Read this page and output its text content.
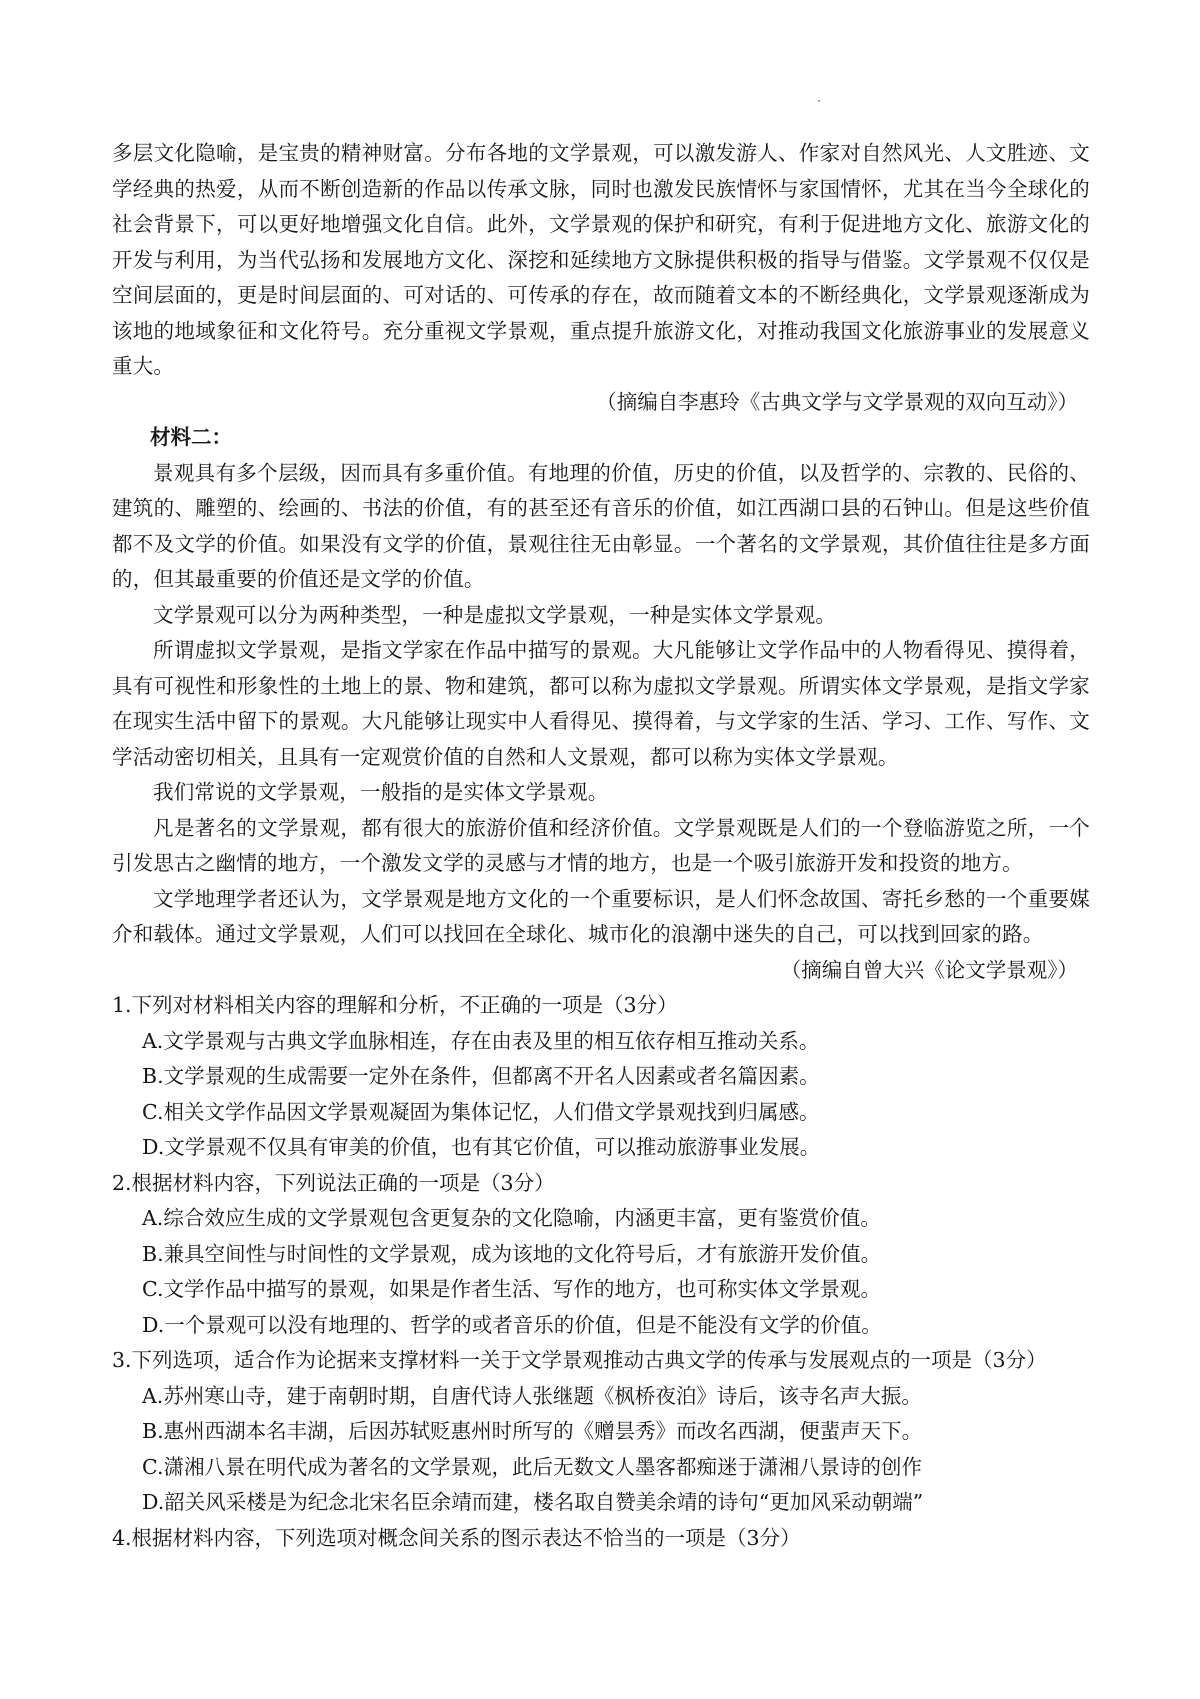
多层文化隐喻，是宝贵的精神财富。分布各地的文学景观，可以激发游人、作家对自然风光、人文胜迹、文学经典的热爱，从而不断创造新的作品以传承文脉，同时也激发民族情怀与家国情怀，尤其在当今全球化的社会背景下，可以更好地增强文化自信。此外，文学景观的保护和研究，有利于促进地方文化、旅游文化的开发与利用，为当代弘扬和发展地方文化、深挖和延续地方文脉提供积极的指导与借鉴。文学景观不仅仅是空间层面的，更是时间层面的、可对话的、可传承的存在，故而随着文本的不断经典化，文学景观逐渐成为该地的地域象征和文化符号。充分重视文学景观，重点提升旅游文化，对推动我国文化旅游事业的发展意义重大。

（摘编自李惠玲《古典文学与文学景观的双向互动》）

材料二：

景观具有多个层级，因而具有多重价值。有地理的价值，历史的价值，以及哲学的、宗教的、民俗的、建筑的、雕塑的、绘画的、书法的价值，有的甚至还有音乐的价值，如江西湖口县的石钟山。但是这些价值都不及文学的价值。如果没有文学的价值，景观往往无由彰显。一个著名的文学景观，其价值往往是多方面的，但其最重要的价值还是文学的价值。

文学景观可以分为两种类型，一种是虚拟文学景观，一种是实体文学景观。

所谓虚拟文学景观，是指文学家在作品中描写的景观。大凡能够让文学作品中的人物看得见、摸得着，具有可视性和形象性的土地上的景、物和建筑，都可以称为虚拟文学景观。所谓实体文学景观，是指文学家在现实生活中留下的景观。大凡能够让现实中人看得见、摸得着，与文学家的生活、学习、工作、写作、文学活动密切相关，且具有一定观赏价值的自然和人文景观，都可以称为实体文学景观。

我们常说的文学景观，一般指的是实体文学景观。

凡是著名的文学景观，都有很大的旅游价值和经济价值。文学景观既是人们的一个登临游览之所，一个引发思古之幽情的地方，一个激发文学的灵感与才情的地方，也是一个吸引旅游开发和投资的地方。

文学地理学者还认为，文学景观是地方文化的一个重要标识，是人们怀念故国、寄托乡愁的一个重要媒介和载体。通过文学景观，人们可以找回在全球化、城市化的浪潮中迷失的自己，可以找到回家的路。

（摘编自曾大兴《论文学景观》）

1.下列对材料相关内容的理解和分析，不正确的一项是（3分）

A.文学景观与古典文学血脉相连，存在由表及里的相互依存相互推动关系。

B.文学景观的生成需要一定外在条件，但都离不开名人因素或者名篇因素。

C.相关文学作品因文学景观凝固为集体记忆，人们借文学景观找到归属感。

D.文学景观不仅具有审美的价值，也有其它价值，可以推动旅游事业发展。

2.根据材料内容，下列说法正确的一项是（3分）

A.综合效应生成的文学景观包含更复杂的文化隐喻，内涵更丰富，更有鉴赏价值。

B.兼具空间性与时间性的文学景观，成为该地的文化符号后，才有旅游开发价值。

C.文学作品中描写的景观，如果是作者生活、写作的地方，也可称实体文学景观。

D.一个景观可以没有地理的、哲学的或者音乐的价值，但是不能没有文学的价值。

3.下列选项，适合作为论据来支撑材料一关于文学景观推动古典文学的传承与发展观点的一项是（3分）

A.苏州寒山寺，建于南朝时期，自唐代诗人张继题《枫桥夜泊》诗后，该寺名声大振。

B.惠州西湖本名丰湖，后因苏轼贬惠州时所写的《赠昙秀》而改名西湖，便蜚声天下。

C.潇湘八景在明代成为著名的文学景观，此后无数文人墨客都痴迷于潇湘八景诗的创作

D.韶关风采楼是为纪念北宋名臣余靖而建，楼名取自赞美余靖的诗句“更加风采动朝端”

4.根据材料内容，下列选项对概念间关系的图示表达不恰当的一项是（3分）
